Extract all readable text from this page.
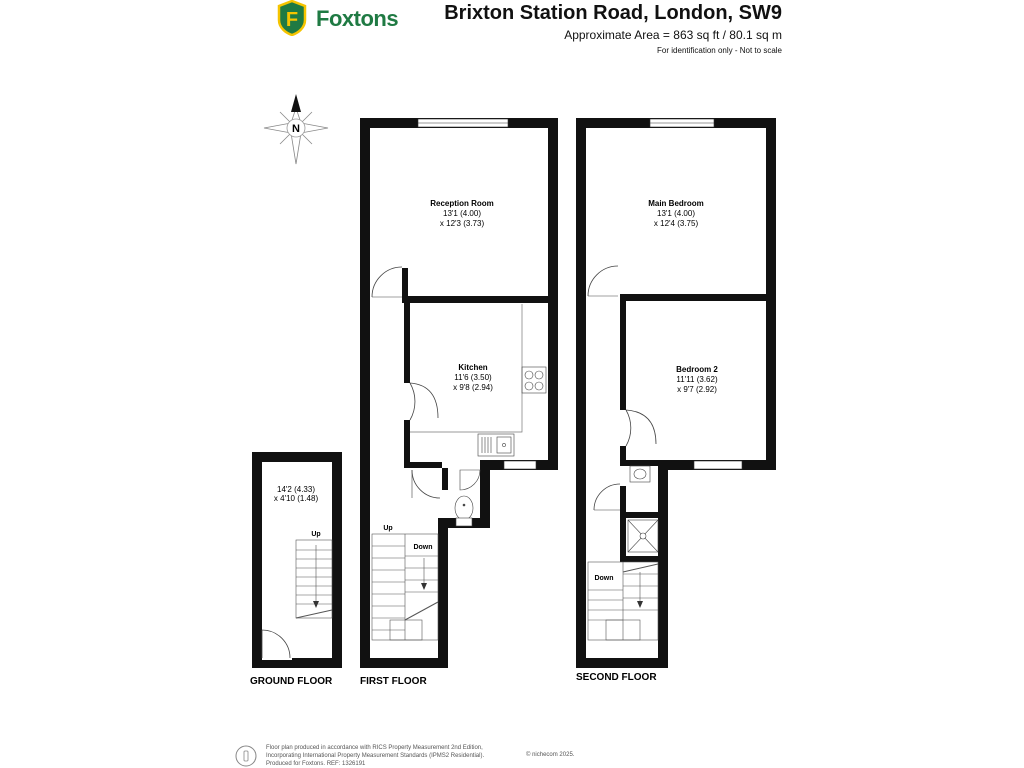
F Foxtons Brixton Station Road, London, SW9
Approximate Area = 863 sq ft / 80.1 sq m
For identification only - Not to scale
N
Up
14'2 (4.33)
x 4'10 (1.48)
GROUND FLOOR
Up
Down
Reception Room
13'1 (4.00)
x 12'3 (3.73)
Kitchen
11'6 (3.50)
x 9'8 (2.94)
FIRST FLOOR
Down
Main Bedroom
13'1 (4.00)
x 12'4 (3.75)
Bedroom 2
11'11 (3.62)
x 9'7 (2.92)
SECOND FLOOR
Floor plan produced in accordance with RICS Property Measurement 2nd Edition,
Incorporating International Property Measurement Standards (IPMS2 Residential).
Produced for Foxtons. REF: 1326191
© nichecom 2025.
